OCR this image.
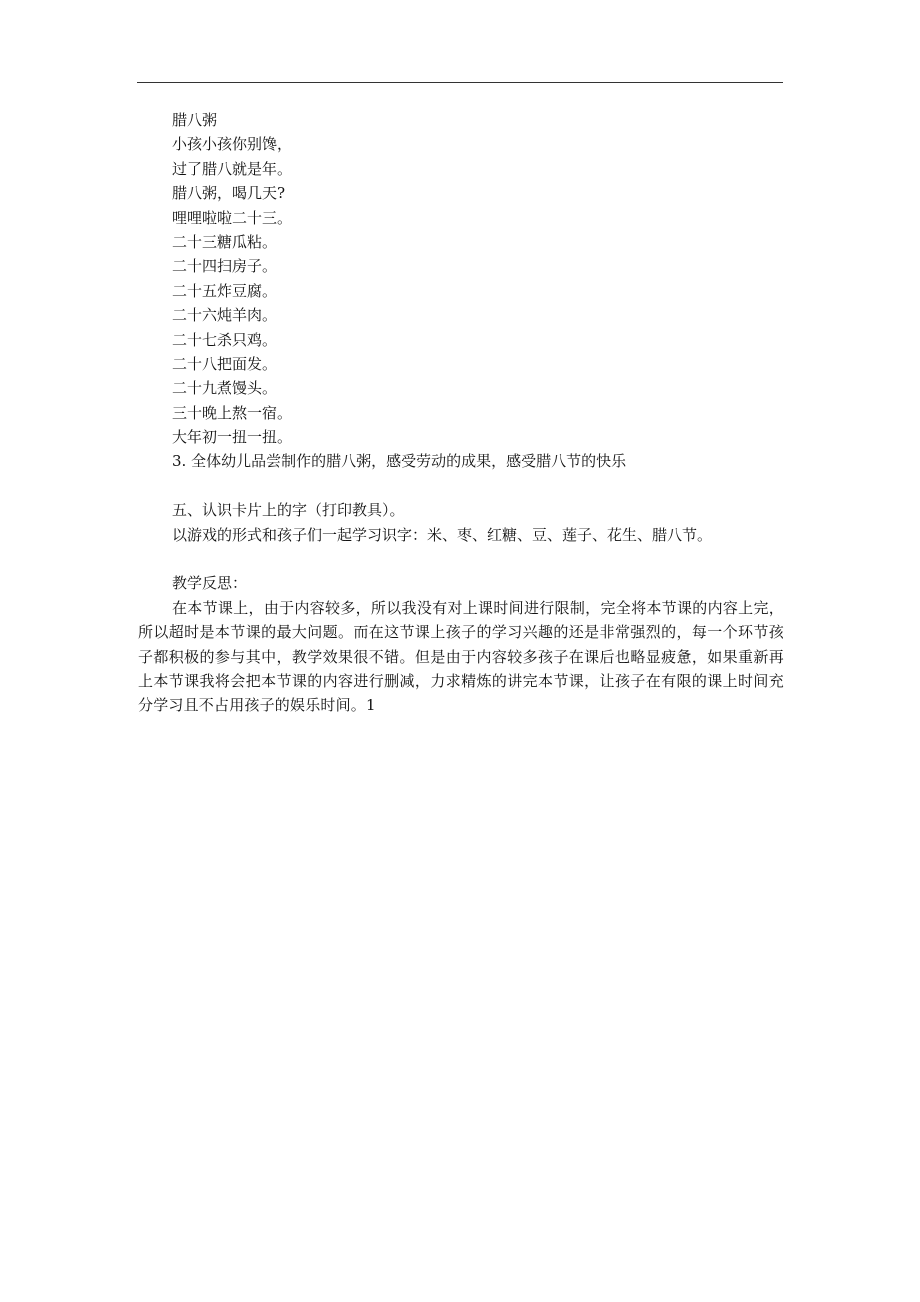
腊八粥
小孩小孩你别馋，
过了腊八就是年。
腊八粥，喝几天?
哩哩啦啦二十三。
二十三糖瓜粘。
二十四扫房子。
二十五炸豆腐。
二十六炖羊肉。
二十七杀只鸡。
二十八把面发。
二十九煮馒头。
三十晚上熬一宿。
大年初一扭一扭。
3. 全体幼儿品尝制作的腊八粥，感受劳动的成果，感受腊八节的快乐
五、认识卡片上的字（打印教具）。
以游戏的形式和孩子们一起学习识字：米、枣、红糖、豆、莲子、花生、腊八节。
教学反思：
在本节课上，由于内容较多，所以我没有对上课时间进行限制，完全将本节课的内容上完，所以超时是本节课的最大问题。而在这节课上孩子的学习兴趣的还是非常强烈的，每一个环节孩子都积极的参与其中，教学效果很不错。但是由于内容较多孩子在课后也略显疲惫，如果重新再上本节课我将会把本节课的内容进行删减，力求精炼的讲完本节课，让孩子在有限的课上时间充分学习且不占用孩子的娱乐时间。1
